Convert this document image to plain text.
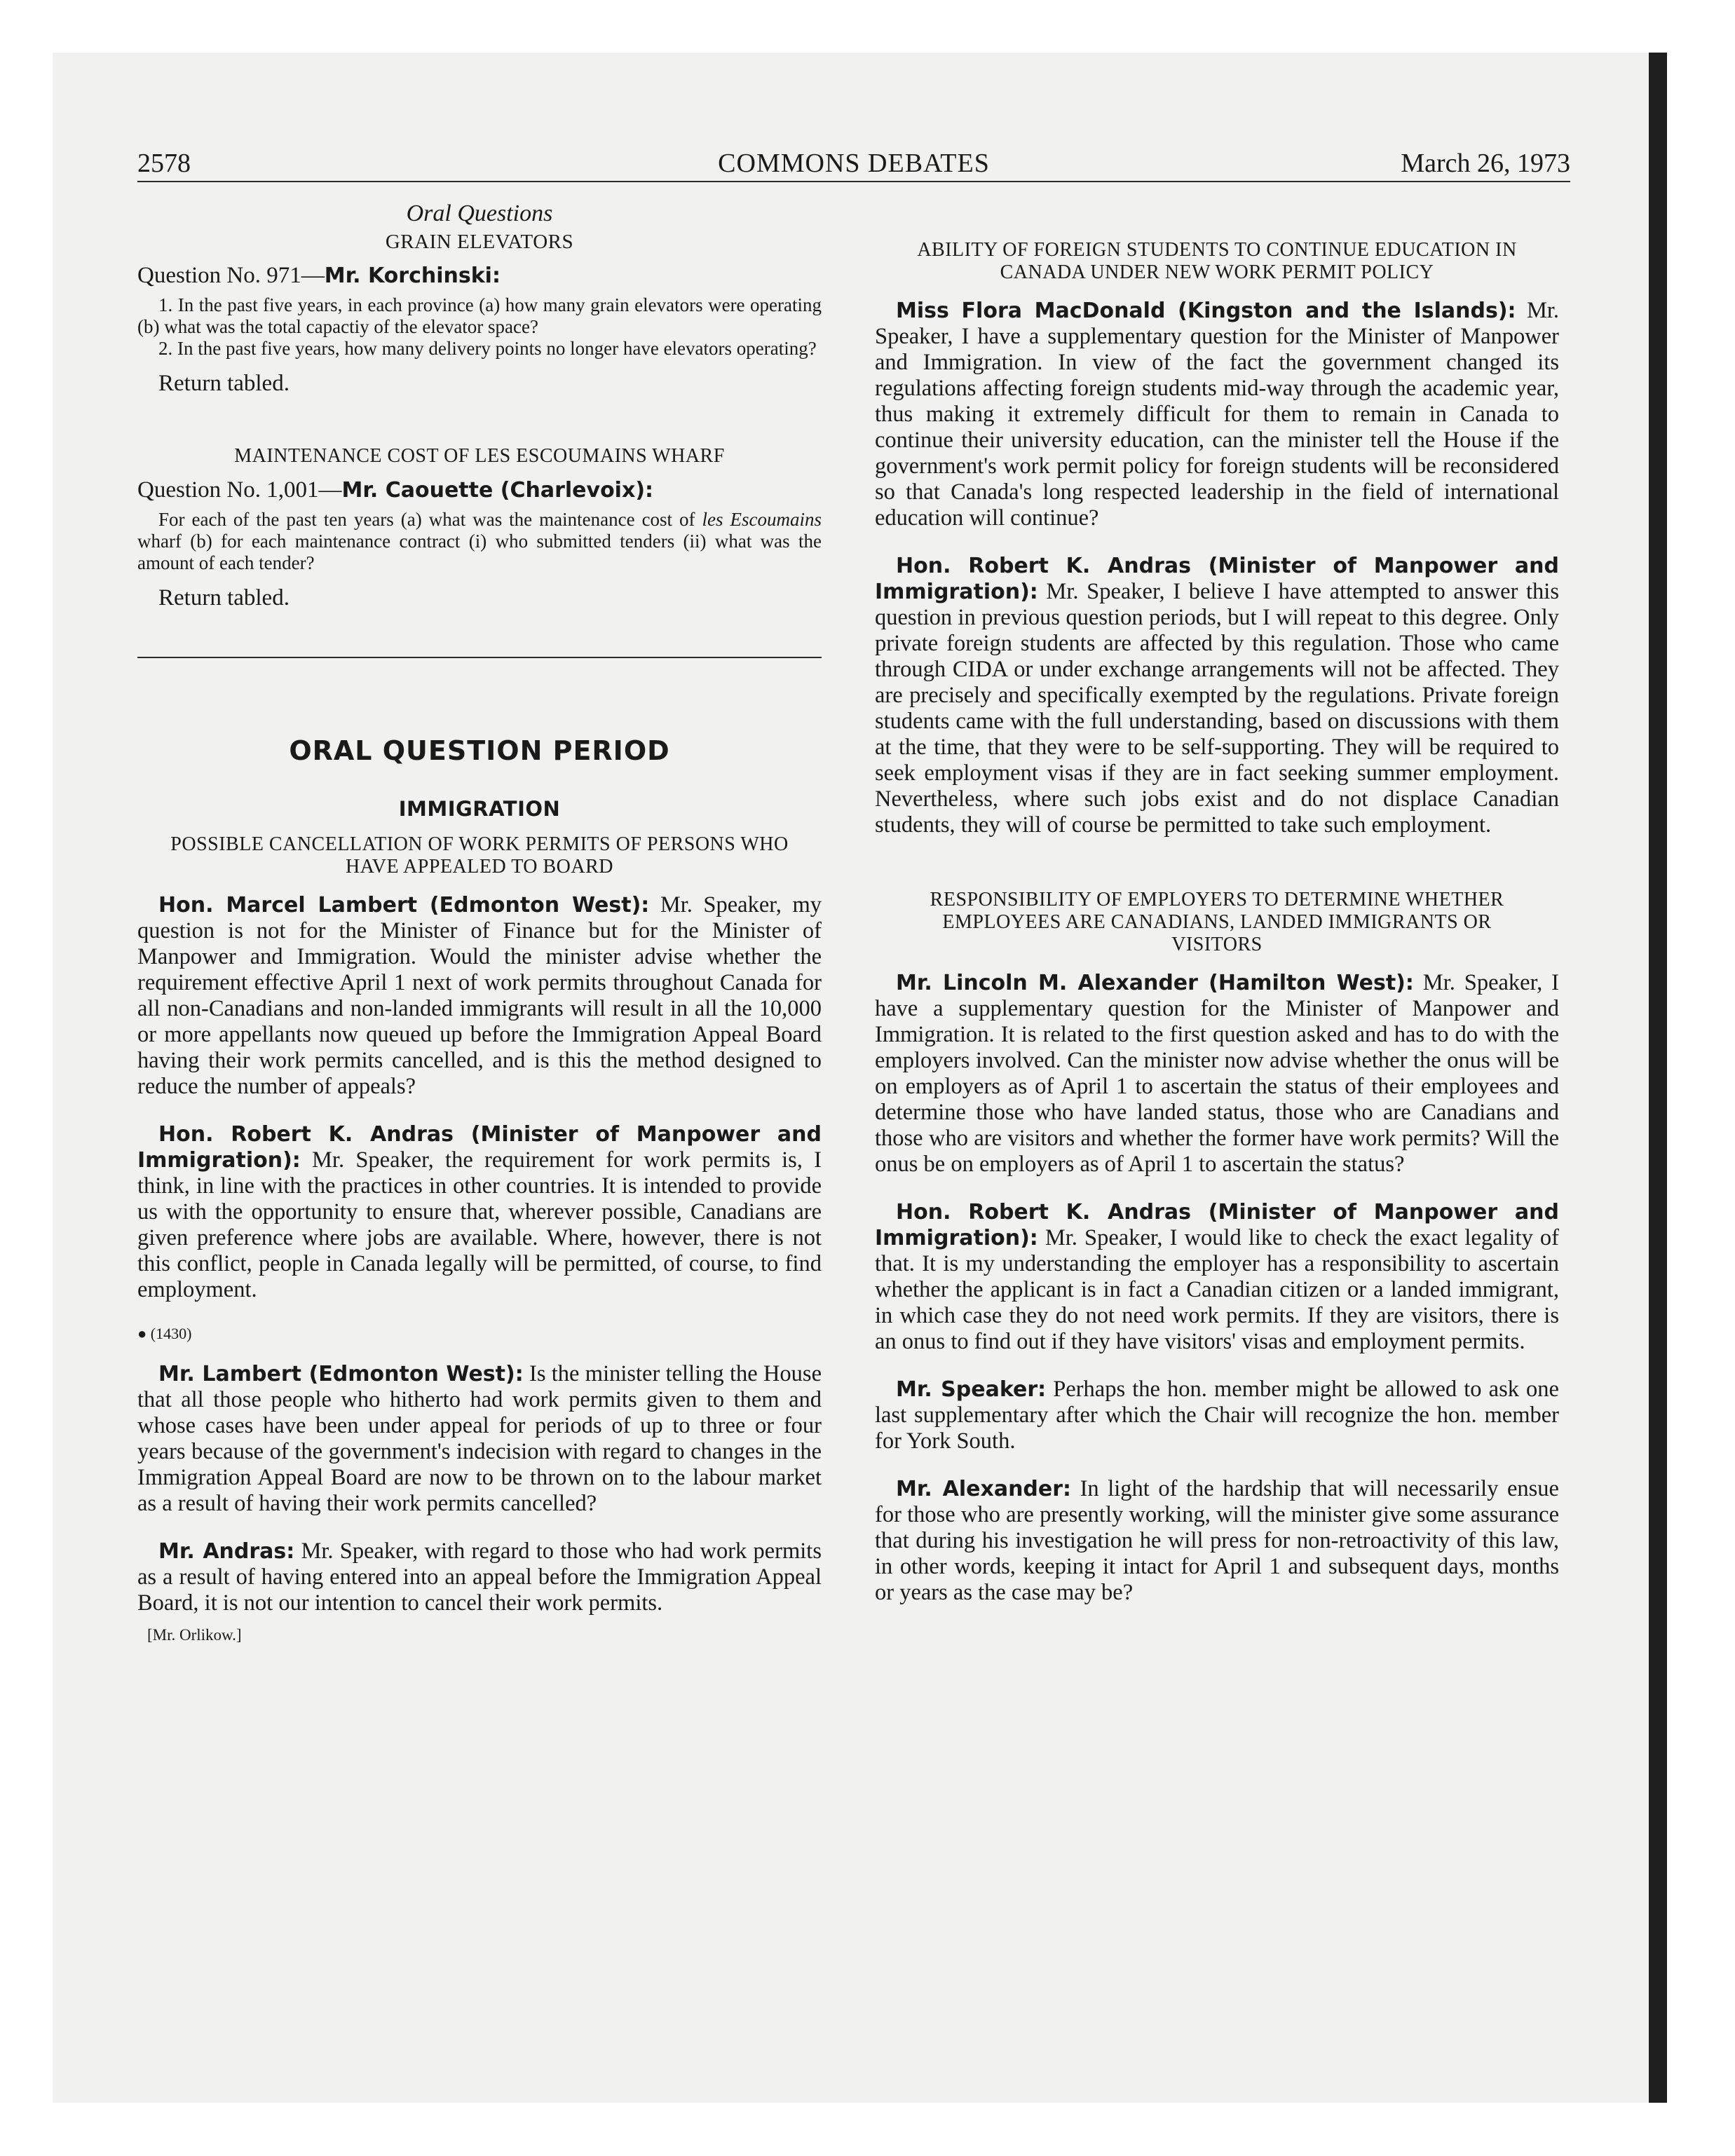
2578	COMMONS DEBATES	March 26, 1973

Oral Questions

GRAIN ELEVATORS

Question No. 971—Mr. Korchinski:

1. In the past five years, in each province (a) how many grain elevators were operating (b) what was the total capactiy of the elevator space?

2. In the past five years, how many delivery points no longer have elevators operating?

Return tabled.

MAINTENANCE COST OF LES ESCOUMAINS WHARF

Question No. 1,001—Mr. Caouette (Charlevoix):

For each of the past ten years (a) what was the maintenance cost of les Escoumains wharf (b) for each maintenance contract (i) who submitted tenders (ii) what was the amount of each tender?

Return tabled.

ORAL QUESTION PERIOD

IMMIGRATION

POSSIBLE CANCELLATION OF WORK PERMITS OF PERSONS WHO HAVE APPEALED TO BOARD

Hon. Marcel Lambert (Edmonton West): Mr. Speaker, my question is not for the Minister of Finance but for the Minister of Manpower and Immigration. Would the minister advise whether the requirement effective April 1 next of work permits throughout Canada for all non-Canadians and non-landed immigrants will result in all the 10,000 or more appellants now queued up before the Immigration Appeal Board having their work permits cancelled, and is this the method designed to reduce the number of appeals?

Hon. Robert K. Andras (Minister of Manpower and Immigration): Mr. Speaker, the requirement for work permits is, I think, in line with the practices in other countries. It is intended to provide us with the opportunity to ensure that, wherever possible, Canadians are given preference where jobs are available. Where, however, there is not this conflict, people in Canada legally will be permitted, of course, to find employment.

● (1430)

Mr. Lambert (Edmonton West): Is the minister telling the House that all those people who hitherto had work permits given to them and whose cases have been under appeal for periods of up to three or four years because of the government's indecision with regard to changes in the Immigration Appeal Board are now to be thrown on to the labour market as a result of having their work permits cancelled?

Mr. Andras: Mr. Speaker, with regard to those who had work permits as a result of having entered into an appeal before the Immigration Appeal Board, it is not our intention to cancel their work permits.

[Mr. Orlikow.]

ABILITY OF FOREIGN STUDENTS TO CONTINUE EDUCATION IN CANADA UNDER NEW WORK PERMIT POLICY

Miss Flora MacDonald (Kingston and the Islands): Mr. Speaker, I have a supplementary question for the Minister of Manpower and Immigration. In view of the fact the government changed its regulations affecting foreign students mid-way through the academic year, thus making it extremely difficult for them to remain in Canada to continue their university education, can the minister tell the House if the government's work permit policy for foreign students will be reconsidered so that Canada's long respected leadership in the field of international education will continue?

Hon. Robert K. Andras (Minister of Manpower and Immigration): Mr. Speaker, I believe I have attempted to answer this question in previous question periods, but I will repeat to this degree. Only private foreign students are affected by this regulation. Those who came through CIDA or under exchange arrangements will not be affected. They are precisely and specifically exempted by the regulations. Private foreign students came with the full understanding, based on discussions with them at the time, that they were to be self-supporting. They will be required to seek employment visas if they are in fact seeking summer employment. Nevertheless, where such jobs exist and do not displace Canadian students, they will of course be permitted to take such employment.

RESPONSIBILITY OF EMPLOYERS TO DETERMINE WHETHER EMPLOYEES ARE CANADIANS, LANDED IMMIGRANTS OR VISITORS

Mr. Lincoln M. Alexander (Hamilton West): Mr. Speaker, I have a supplementary question for the Minister of Manpower and Immigration. It is related to the first question asked and has to do with the employers involved. Can the minister now advise whether the onus will be on employers as of April 1 to ascertain the status of their employees and determine those who have landed status, those who are Canadians and those who are visitors and whether the former have work permits? Will the onus be on employers as of April 1 to ascertain the status?

Hon. Robert K. Andras (Minister of Manpower and Immigration): Mr. Speaker, I would like to check the exact legality of that. It is my understanding the employer has a responsibility to ascertain whether the applicant is in fact a Canadian citizen or a landed immigrant, in which case they do not need work permits. If they are visitors, there is an onus to find out if they have visitors' visas and employment permits.

Mr. Speaker: Perhaps the hon. member might be allowed to ask one last supplementary after which the Chair will recognize the hon. member for York South.

Mr. Alexander: In light of the hardship that will necessarily ensue for those who are presently working, will the minister give some assurance that during his investigation he will press for non-retroactivity of this law, in other words, keeping it intact for April 1 and subsequent days, months or years as the case may be?
